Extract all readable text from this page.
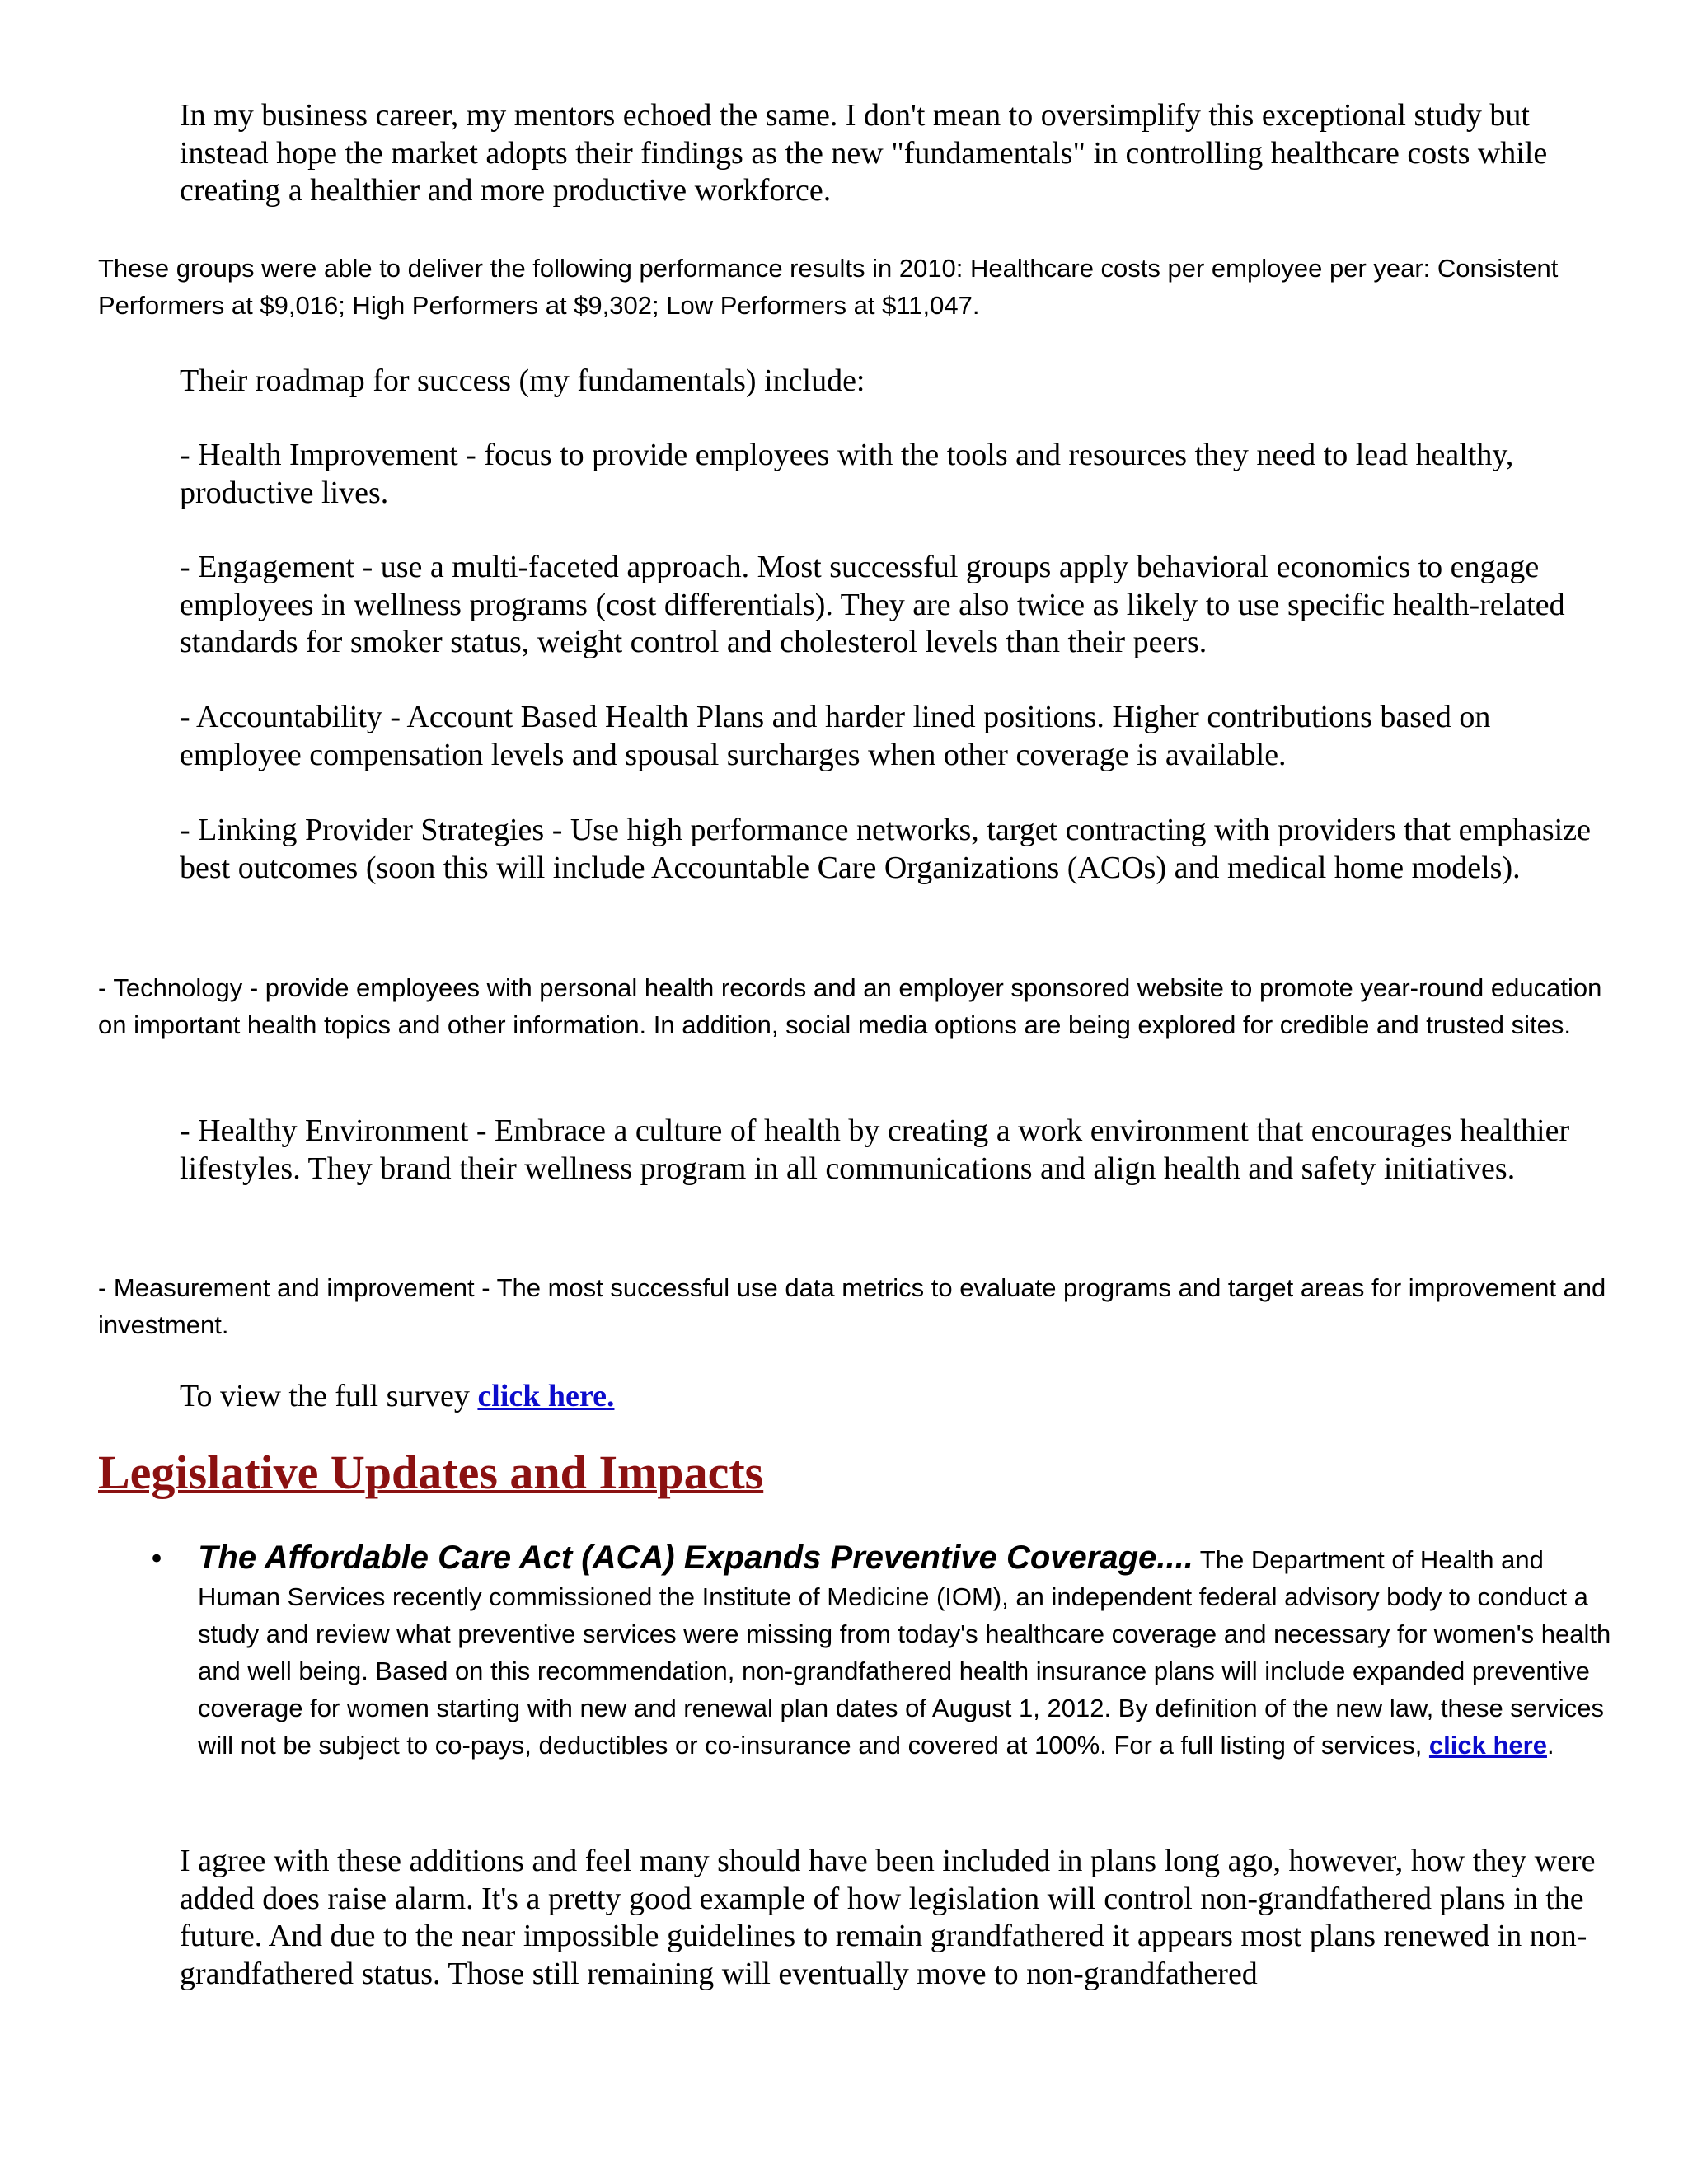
In my business career, my mentors echoed the same. I don't mean to oversimplify this exceptional study but instead hope the market adopts their findings as the new "fundamentals" in controlling healthcare costs while creating a healthier and more productive workforce.

These groups were able to deliver the following performance results in 2010: Healthcare costs per employee per year: Consistent Performers at $9,016; High Performers at $9,302; Low Performers at $11,047.

Their roadmap for success (my fundamentals) include:

- Health Improvement - focus to provide employees with the tools and resources they need to lead healthy, productive lives.

- Engagement - use a multi-faceted approach. Most successful groups apply behavioral economics to engage employees in wellness programs (cost differentials). They are also twice as likely to use specific health-related standards for smoker status, weight control and cholesterol levels than their peers.

- Accountability - Account Based Health Plans and harder lined positions. Higher contributions based on employee compensation levels and spousal surcharges when other coverage is available.

- Linking Provider Strategies - Use high performance networks, target contracting with providers that emphasize best outcomes (soon this will include Accountable Care Organizations (ACOs) and medical home models).

- Technology - provide employees with personal health records and an employer sponsored website to promote year-round education on important health topics and other information. In addition, social media options are being explored for credible and trusted sites.

- Healthy Environment - Embrace a culture of health by creating a work environment that encourages healthier lifestyles. They brand their wellness program in all communications and align health and safety initiatives.

- Measurement and improvement - The most successful use data metrics to evaluate programs and target areas for improvement and investment.

To view the full survey click here.

Legislative Updates and Impacts
• The Affordable Care Act (ACA) Expands Preventive Coverage.... The Department of Health and Human Services recently commissioned the Institute of Medicine (IOM), an independent federal advisory body to conduct a study and review what preventive services were missing from today's healthcare coverage and necessary for women's health and well being. Based on this recommendation, non-grandfathered health insurance plans will include expanded preventive coverage for women starting with new and renewal plan dates of August 1, 2012. By definition of the new law, these services will not be subject to co-pays, deductibles or co-insurance and covered at 100%. For a full listing of services, click here.

I agree with these additions and feel many should have been included in plans long ago, however, how they were added does raise alarm. It's a pretty good example of how legislation will control non-grandfathered plans in the future. And due to the near impossible guidelines to remain grandfathered it appears most plans renewed in non-grandfathered status. Those still remaining will eventually move to non-grandfathered
